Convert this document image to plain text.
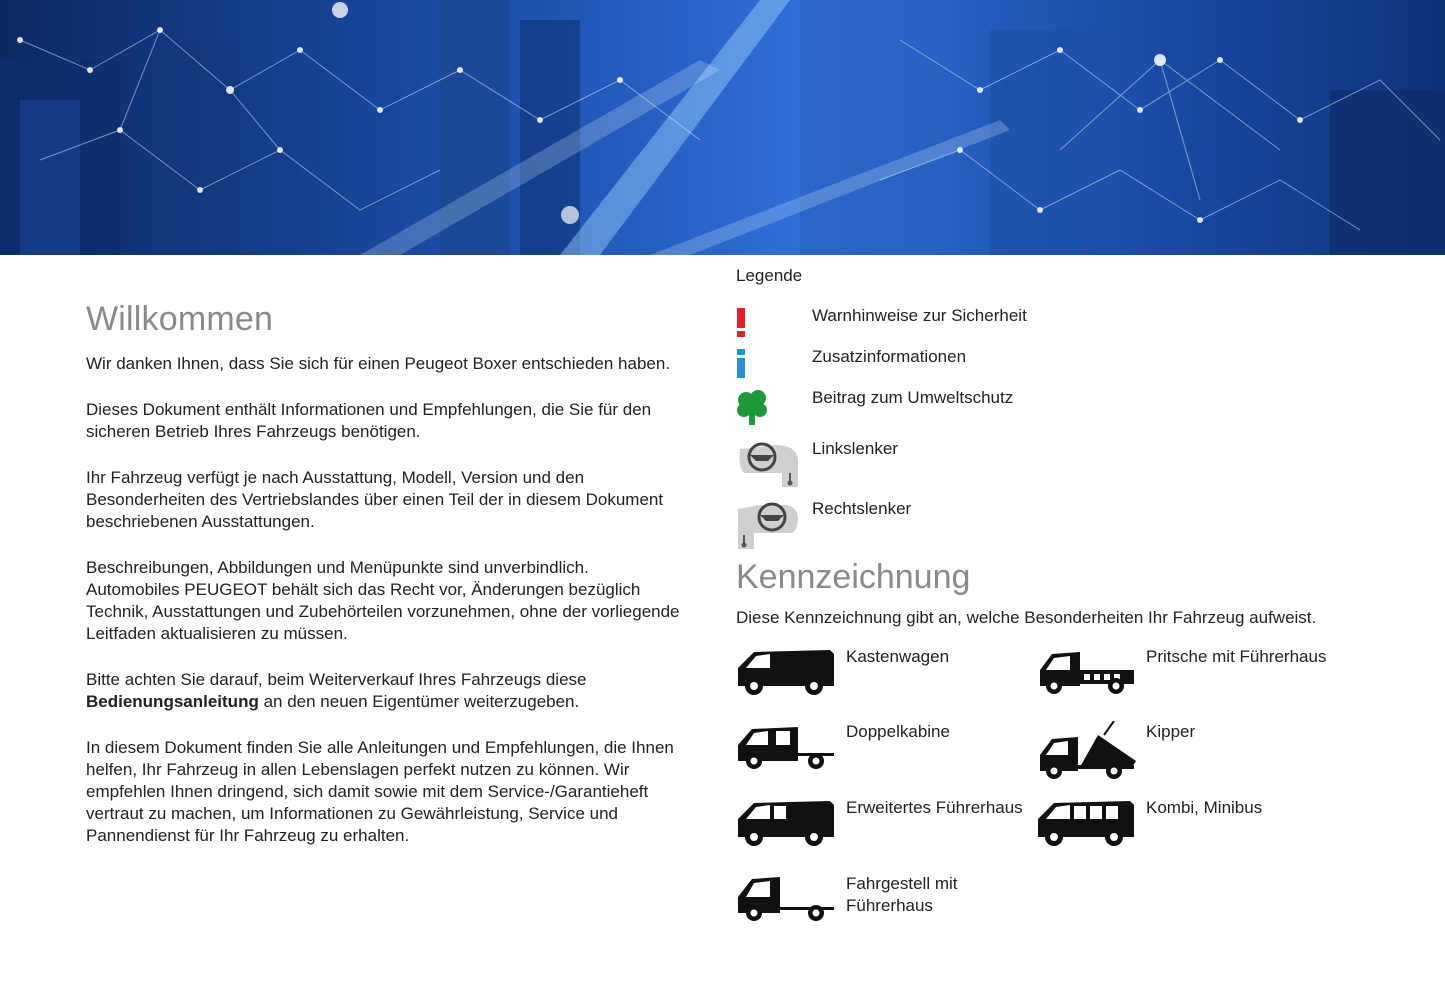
Willkommen

Wir danken Ihnen, dass Sie sich für einen Peugeot Boxer entschieden haben.

Dieses Dokument enthält Informationen und Empfehlungen, die Sie für den sicheren Betrieb Ihres Fahrzeugs benötigen.

Ihr Fahrzeug verfügt je nach Ausstattung, Modell, Version und den Besonderheiten des Vertriebslandes über einen Teil der in diesem Dokument beschriebenen Ausstattungen.

Beschreibungen, Abbildungen und Menüpunkte sind unverbindlich. Automobiles PEUGEOT behält sich das Recht vor, Änderungen bezüglich Technik, Ausstattungen und Zubehörteilen vorzunehmen, ohne der vorliegende Leitfaden aktualisieren zu müssen.

Bitte achten Sie darauf, beim Weiterverkauf Ihres Fahrzeugs diese Bedienungsanleitung an den neuen Eigentümer weiterzugeben.

In diesem Dokument finden Sie alle Anleitungen und Empfehlungen, die Ihnen helfen, Ihr Fahrzeug in allen Lebenslagen perfekt nutzen zu können. Wir empfehlen Ihnen dringend, sich damit sowie mit dem Service-/Garantieheft vertraut zu machen, um Informationen zu Gewährleistung, Service und Pannendienst für Ihr Fahrzeug zu erhalten.

Legende

Warnhinweise zur Sicherheit
Zusatzinformationen
Beitrag zum Umweltschutz
Linkslenker
Rechtslenker
Kennzeichnung

Diese Kennzeichnung gibt an, welche Besonderheiten Ihr Fahrzeug aufweist.

Kastenwagen	Pritsche mit Führerhaus
Doppelkabine	Kipper
Erweitertes Führerhaus	Kombi, Minibus
Fahrgestell mit Führerhaus
